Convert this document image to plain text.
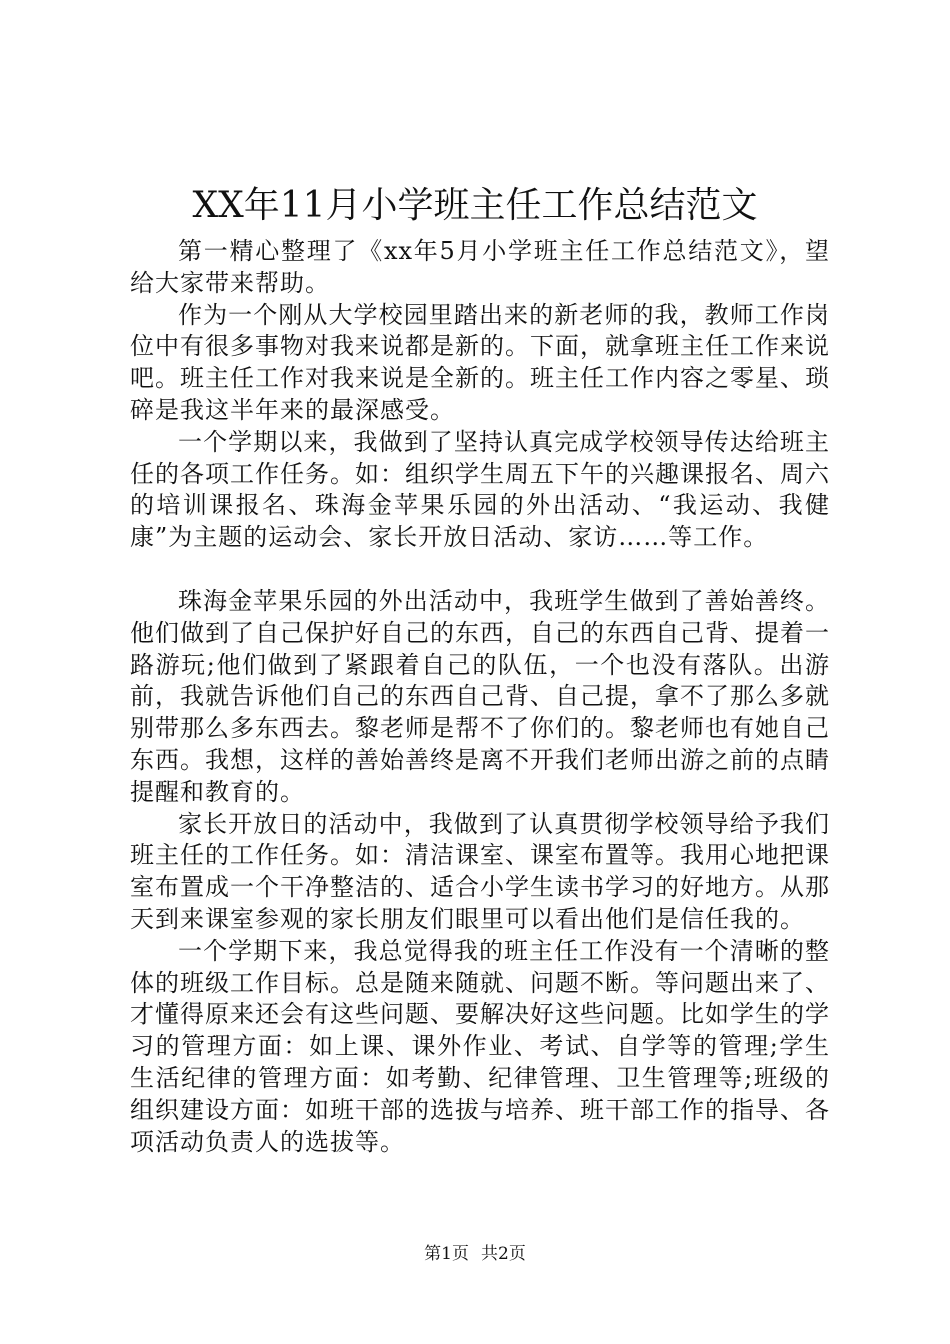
XX年11月小学班主任工作总结范文

第一精心整理了《xx年5月小学班主任工作总结范文》，望给大家带来帮助。

作为一个刚从大学校园里踏出来的新老师的我，教师工作岗位中有很多事物对我来说都是新的。下面，就拿班主任工作来说吧。班主任工作对我来说是全新的。班主任工作内容之零星、琐碎是我这半年来的最深感受。

一个学期以来，我做到了坚持认真完成学校领导传达给班主任的各项工作任务。如：组织学生周五下午的兴趣课报名、周六的培训课报名、珠海金苹果乐园的外出活动、“我运动、我健康”为主题的运动会、家长开放日活动、家访……等工作。

珠海金苹果乐园的外出活动中，我班学生做到了善始善终。他们做到了自己保护好自己的东西，自己的东西自己背、提着一路游玩;他们做到了紧跟着自己的队伍，一个也没有落队。出游前，我就告诉他们自己的东西自己背、自己提，拿不了那么多就别带那么多东西去。黎老师是帮不了你们的。黎老师也有她自己东西。我想，这样的善始善终是离不开我们老师出游之前的点睛提醒和教育的。

家长开放日的活动中，我做到了认真贯彻学校领导给予我们班主任的工作任务。如：清洁课室、课室布置等。我用心地把课室布置成一个干净整洁的、适合小学生读书学习的好地方。从那天到来课室参观的家长朋友们眼里可以看出他们是信任我的。

一个学期下来，我总觉得我的班主任工作没有一个清晰的整体的班级工作目标。总是随来随就、问题不断。等问题出来了、才懂得原来还会有这些问题、要解决好这些问题。比如学生的学习的管理方面：如上课、课外作业、考试、自学等的管理;学生生活纪律的管理方面：如考勤、纪律管理、卫生管理等;班级的组织建设方面：如班干部的选拔与培养、班干部工作的指导、各项活动负责人的选拔等。

第1页 共2页
